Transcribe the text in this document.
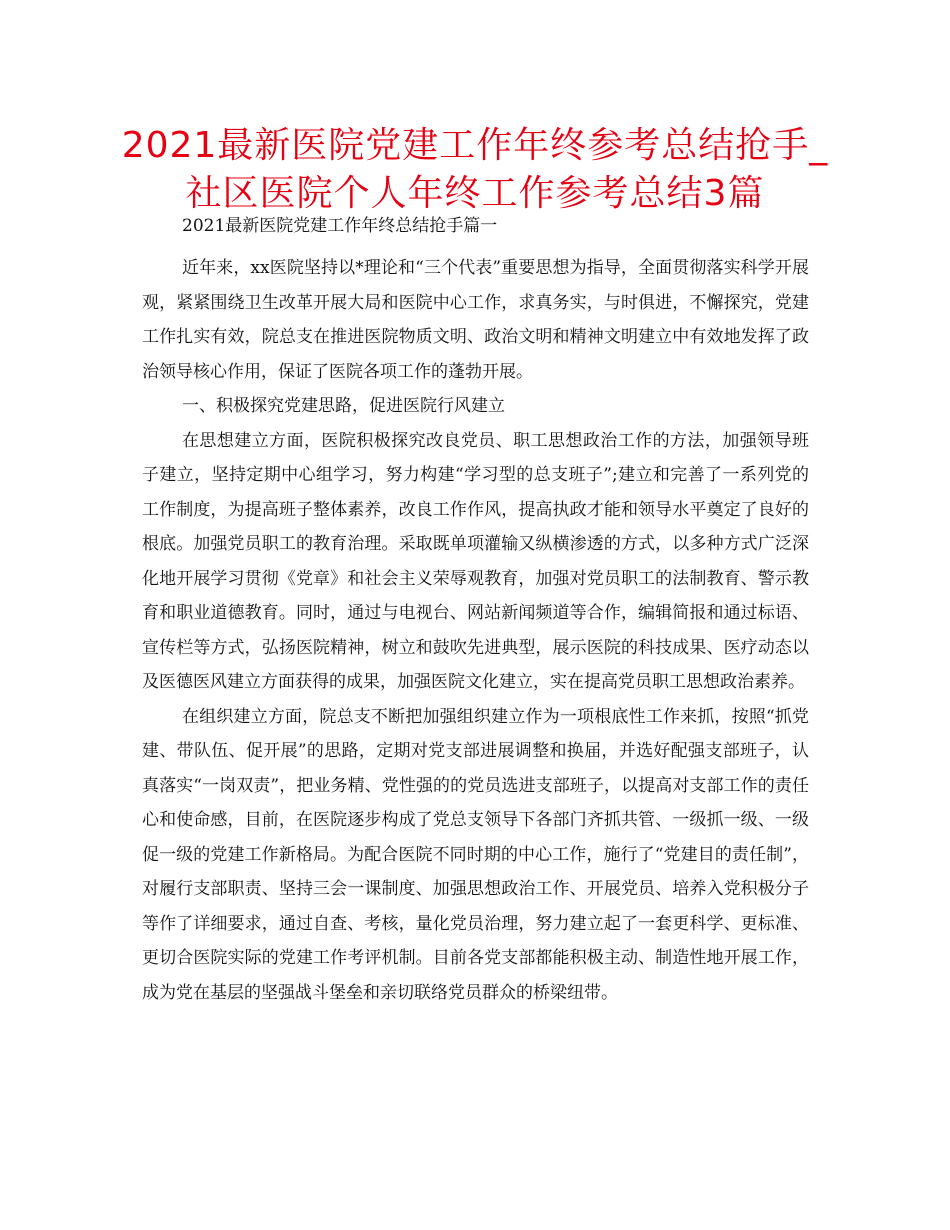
2021最新医院党建工作年终参考总结抢手_社区医院个人年终工作参考总结3篇
2021最新医院党建工作年终总结抢手篇一

近年来，xx医院坚持以*理论和“三个代表”重要思想为指导，全面贯彻落实科学开展观，紧紧围绕卫生改革开展大局和医院中心工作，求真务实，与时俱进，不懈探究，党建工作扎实有效，院总支在推进医院物质文明、政治文明和精神文明建立中有效地发挥了政治领导核心作用，保证了医院各项工作的蓬勃开展。

一、积极探究党建思路，促进医院行风建立

在思想建立方面，医院积极探究改良党员、职工思想政治工作的方法，加强领导班子建立，坚持定期中心组学习，努力构建“学习型的总支班子”;建立和完善了一系列党的工作制度，为提高班子整体素养，改良工作作风，提高执政才能和领导水平奠定了良好的根底。加强党员职工的教育治理。采取既单项灌输又纵横渗透的方式，以多种方式广泛深化地开展学习贯彻《党章》和社会主义荣辱观教育，加强对党员职工的法制教育、警示教育和职业道德教育。同时，通过与电视台、网站新闻频道等合作，编辑简报和通过标语、宣传栏等方式，弘扬医院精神，树立和鼓吹先进典型，展示医院的科技成果、医疗动态以及医德医风建立方面获得的成果，加强医院文化建立，实在提高党员职工思想政治素养。

在组织建立方面，院总支不断把加强组织建立作为一项根底性工作来抓，按照“抓党建、带队伍、促开展”的思路，定期对党支部进展调整和换届，并选好配强支部班子，认真落实“一岗双责”，把业务精、党性强的的党员选进支部班子，以提高对支部工作的责任心和使命感，目前，在医院逐步构成了党总支领导下各部门齐抓共管、一级抓一级、一级促一级的党建工作新格局。为配合医院不同时期的中心工作，施行了“党建目的责任制”，对履行支部职责、坚持三会一课制度、加强思想政治工作、开展党员、培养入党积极分子等作了详细要求，通过自查、考核，量化党员治理，努力建立起了一套更科学、更标准、更切合医院实际的党建工作考评机制。目前各党支部都能积极主动、制造性地开展工作，成为党在基层的坚强战斗堡垒和亲切联络党员群众的桥梁纽带。
